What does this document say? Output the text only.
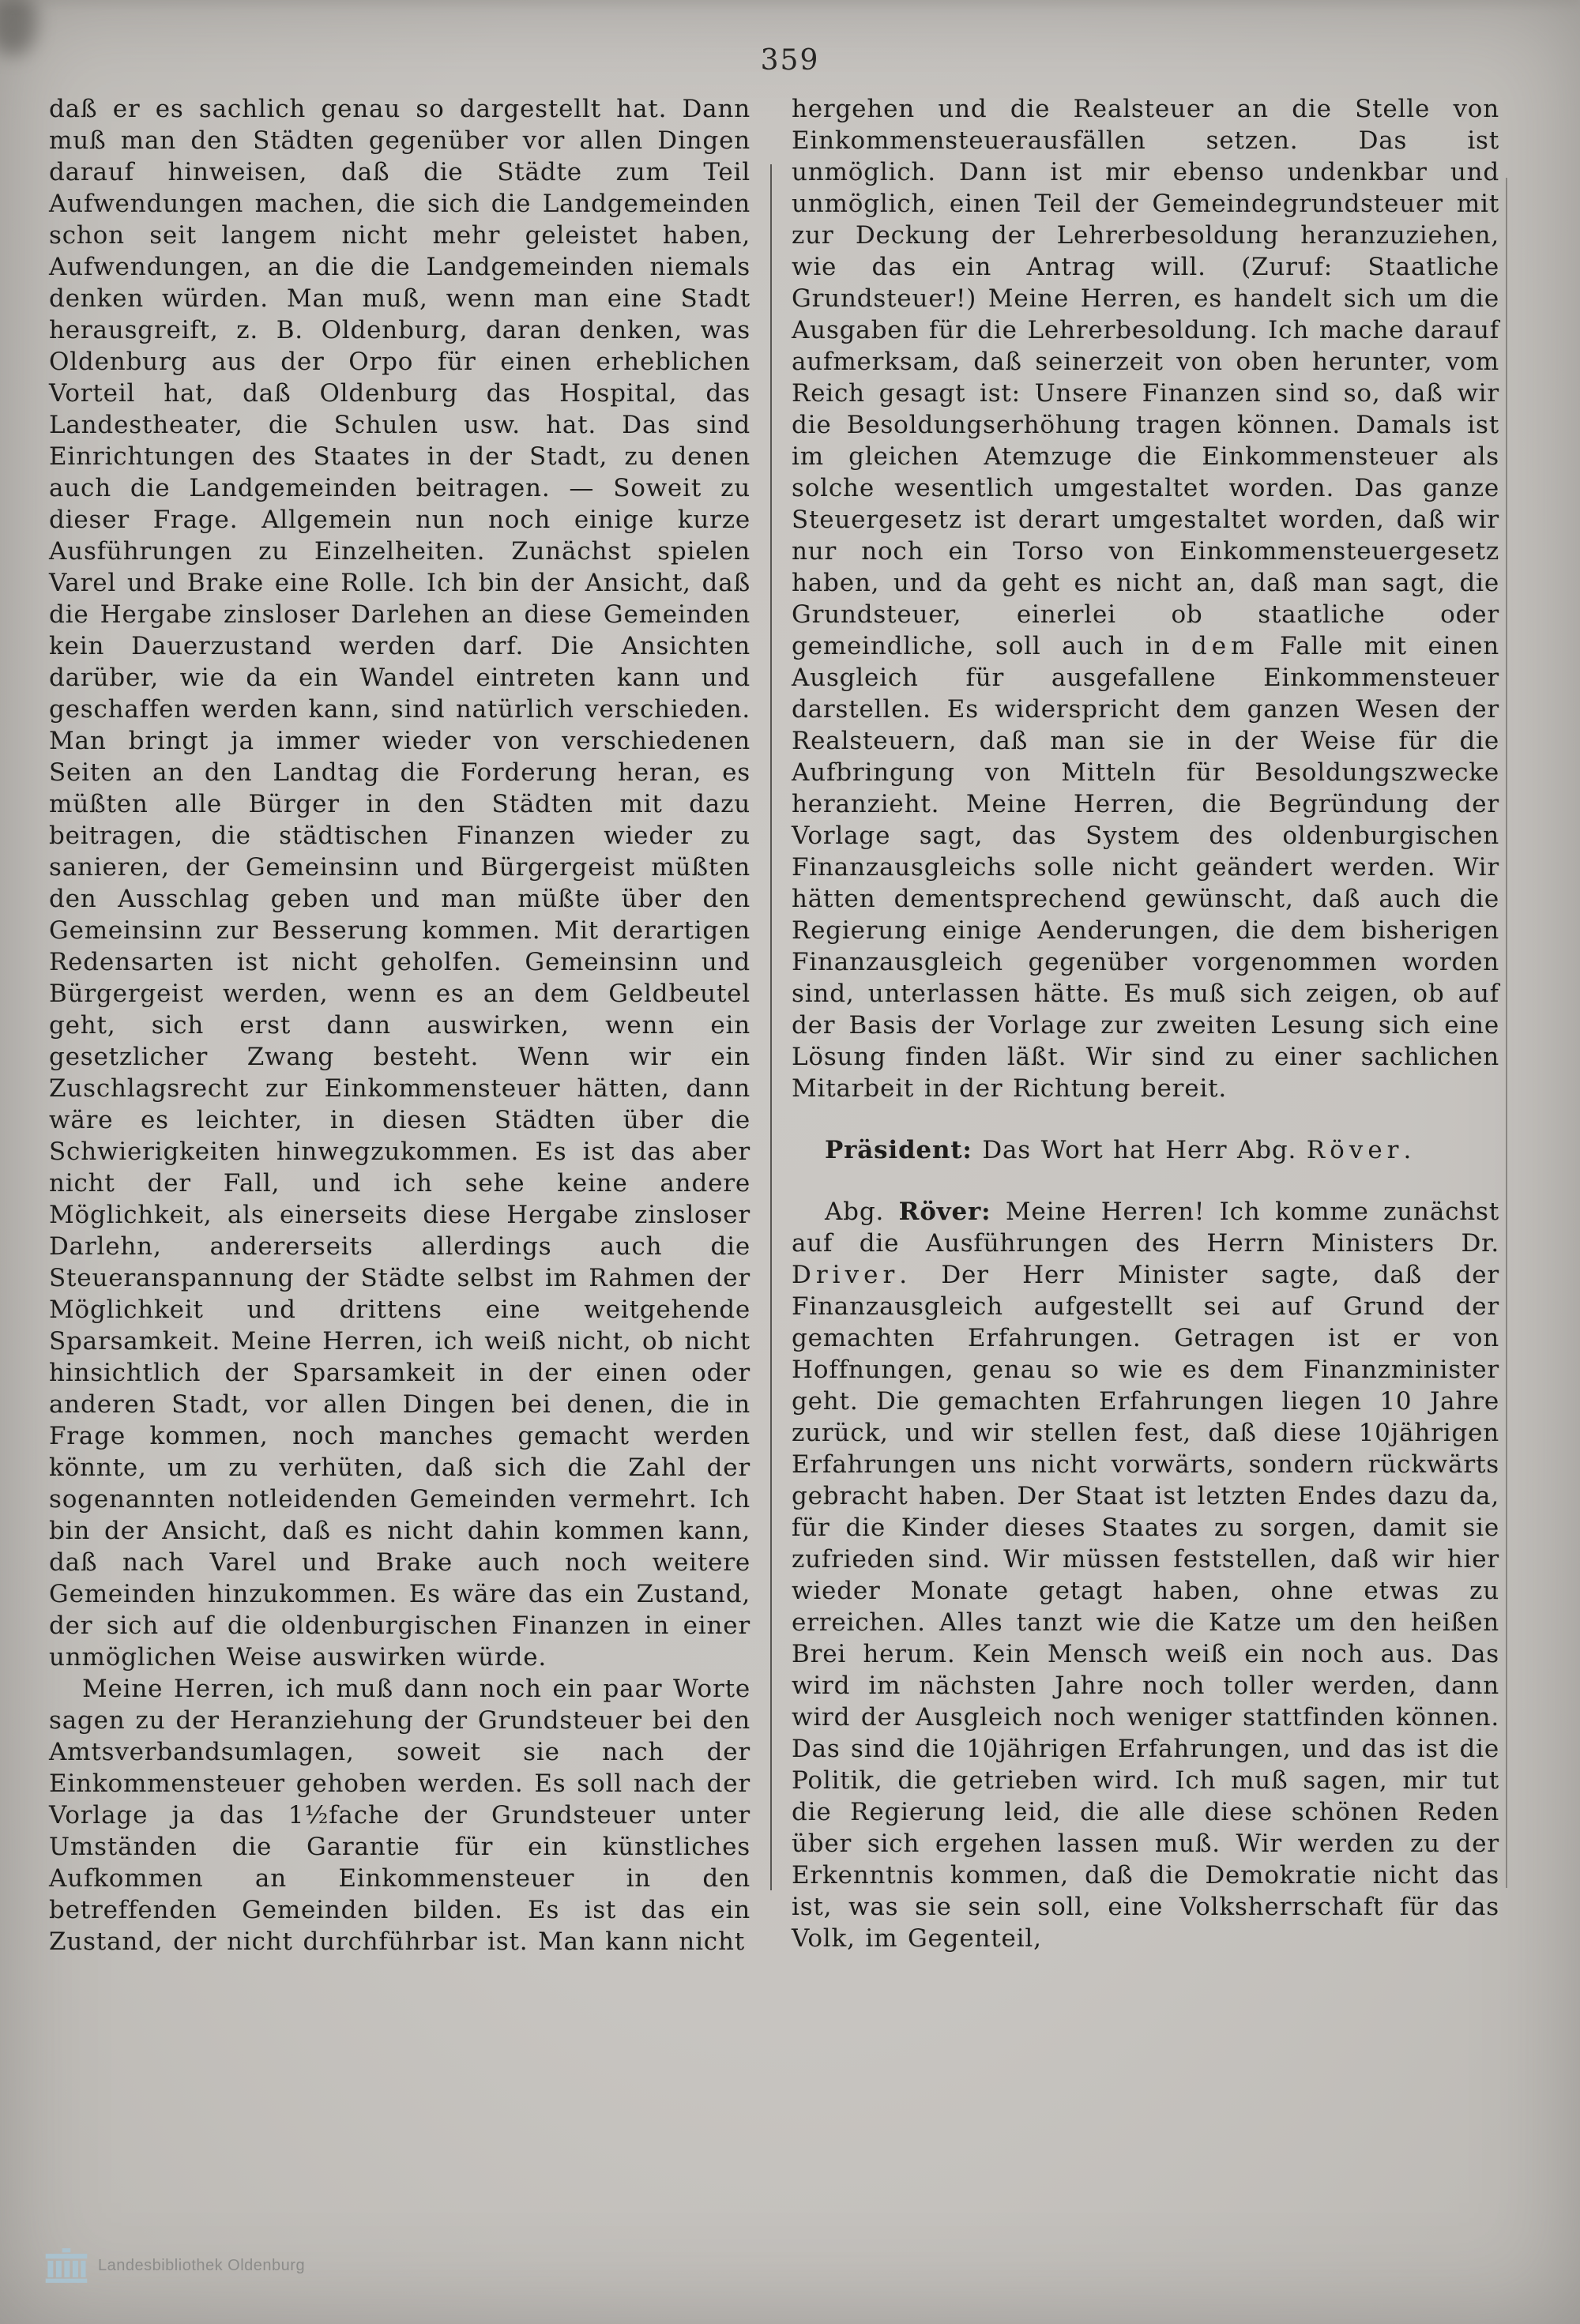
359

daß er es sachlich genau so dargestellt hat. Dann muß man den Städten gegenüber vor allen Dingen darauf hinweisen, daß die Städte zum Teil Aufwendungen machen, die sich die Landgemeinden schon seit langem nicht mehr geleistet haben, Aufwendungen, an die die Landgemeinden niemals denken würden. Man muß, wenn man eine Stadt herausgreift, z. B. Oldenburg, daran denken, was Oldenburg aus der Orpo für einen erheblichen Vorteil hat, daß Oldenburg das Hospital, das Landestheater, die Schulen usw. hat. Das sind Einrichtungen des Staates in der Stadt, zu denen auch die Landgemeinden beitragen. — Soweit zu dieser Frage. Allgemein nun noch einige kurze Ausführungen zu Einzelheiten. Zunächst spielen Varel und Brake eine Rolle. Ich bin der Ansicht, daß die Hergabe zinsloser Darlehen an diese Gemeinden kein Dauerzustand werden darf. Die Ansichten darüber, wie da ein Wandel eintreten kann und geschaffen werden kann, sind natürlich verschieden. Man bringt ja immer wieder von verschiedenen Seiten an den Landtag die Forderung heran, es müßten alle Bürger in den Städten mit dazu beitragen, die städtischen Finanzen wieder zu sanieren, der Gemeinsinn und Bürgergeist müßten den Ausschlag geben und man müßte über den Gemeinsinn zur Besserung kommen. Mit derartigen Redensarten ist nicht geholfen. Gemeinsinn und Bürgergeist werden, wenn es an dem Geldbeutel geht, sich erst dann auswirken, wenn ein gesetzlicher Zwang besteht. Wenn wir ein Zuschlagsrecht zur Einkommensteuer hätten, dann wäre es leichter, in diesen Städten über die Schwierigkeiten hinwegzukommen. Es ist das aber nicht der Fall, und ich sehe keine andere Möglichkeit, als einerseits diese Hergabe zinsloser Darlehn, andererseits allerdings auch die Steueranspannung der Städte selbst im Rahmen der Möglichkeit und drittens eine weitgehende Sparsamkeit. Meine Herren, ich weiß nicht, ob nicht hinsichtlich der Sparsamkeit in der einen oder anderen Stadt, vor allen Dingen bei denen, die in Frage kommen, noch manches gemacht werden könnte, um zu verhüten, daß sich die Zahl der sogenannten notleidenden Gemeinden vermehrt. Ich bin der Ansicht, daß es nicht dahin kommen kann, daß nach Varel und Brake auch noch weitere Gemeinden hinzukommen. Es wäre das ein Zustand, der sich auf die oldenburgischen Finanzen in einer unmöglichen Weise auswirken würde.

Meine Herren, ich muß dann noch ein paar Worte sagen zu der Heranziehung der Grundsteuer bei den Amtsverbandsumlagen, soweit sie nach der Einkommensteuer gehoben werden. Es soll nach der Vorlage ja das 1½fache der Grundsteuer unter Umständen die Garantie für ein künstliches Aufkommen an Einkommensteuer in den betreffenden Gemeinden bilden. Es ist das ein Zustand, der nicht durchführbar ist. Man kann nicht

hergehen und die Realsteuer an die Stelle von Einkommensteuerausfällen setzen. Das ist unmöglich. Dann ist mir ebenso undenkbar und unmöglich, einen Teil der Gemeindegrundsteuer mit zur Deckung der Lehrerbesoldung heranzuziehen, wie das ein Antrag will. (Zuruf: Staatliche Grundsteuer!) Meine Herren, es handelt sich um die Ausgaben für die Lehrerbesoldung. Ich mache darauf aufmerksam, daß seinerzeit von oben herunter, vom Reich gesagt ist: Unsere Finanzen sind so, daß wir die Besoldungserhöhung tragen können. Damals ist im gleichen Atemzuge die Einkommensteuer als solche wesentlich umgestaltet worden. Das ganze Steuergesetz ist derart umgestaltet worden, daß wir nur noch ein Torso von Einkommensteuergesetz haben, und da geht es nicht an, daß man sagt, die Grundsteuer, einerlei ob staatliche oder gemeindliche, soll auch in dem Falle mit einen Ausgleich für ausgefallene Einkommensteuer darstellen. Es widerspricht dem ganzen Wesen der Realsteuern, daß man sie in der Weise für die Aufbringung von Mitteln für Besoldungszwecke heranzieht. Meine Herren, die Begründung der Vorlage sagt, das System des oldenburgischen Finanzausgleichs solle nicht geändert werden. Wir hätten dementsprechend gewünscht, daß auch die Regierung einige Aenderungen, die dem bisherigen Finanzausgleich gegenüber vorgenommen worden sind, unterlassen hätte. Es muß sich zeigen, ob auf der Basis der Vorlage zur zweiten Lesung sich eine Lösung finden läßt. Wir sind zu einer sachlichen Mitarbeit in der Richtung bereit.

Präsident: Das Wort hat Herr Abg. Röver.

Abg. Röver: Meine Herren! Ich komme zunächst auf die Ausführungen des Herrn Ministers Dr. Driver. Der Herr Minister sagte, daß der Finanzausgleich aufgestellt sei auf Grund der gemachten Erfahrungen. Getragen ist er von Hoffnungen, genau so wie es dem Finanzminister geht. Die gemachten Erfahrungen liegen 10 Jahre zurück, und wir stellen fest, daß diese 10jährigen Erfahrungen uns nicht vorwärts, sondern rückwärts gebracht haben. Der Staat ist letzten Endes dazu da, für die Kinder dieses Staates zu sorgen, damit sie zufrieden sind. Wir müssen feststellen, daß wir hier wieder Monate getagt haben, ohne etwas zu erreichen. Alles tanzt wie die Katze um den heißen Brei herum. Kein Mensch weiß ein noch aus. Das wird im nächsten Jahre noch toller werden, dann wird der Ausgleich noch weniger stattfinden können. Das sind die 10jährigen Erfahrungen, und das ist die Politik, die getrieben wird. Ich muß sagen, mir tut die Regierung leid, die alle diese schönen Reden über sich ergehen lassen muß. Wir werden zu der Erkenntnis kommen, daß die Demokratie nicht das ist, was sie sein soll, eine Volksherrschaft für das Volk, im Gegenteil,

Landesbibliothek Oldenburg
